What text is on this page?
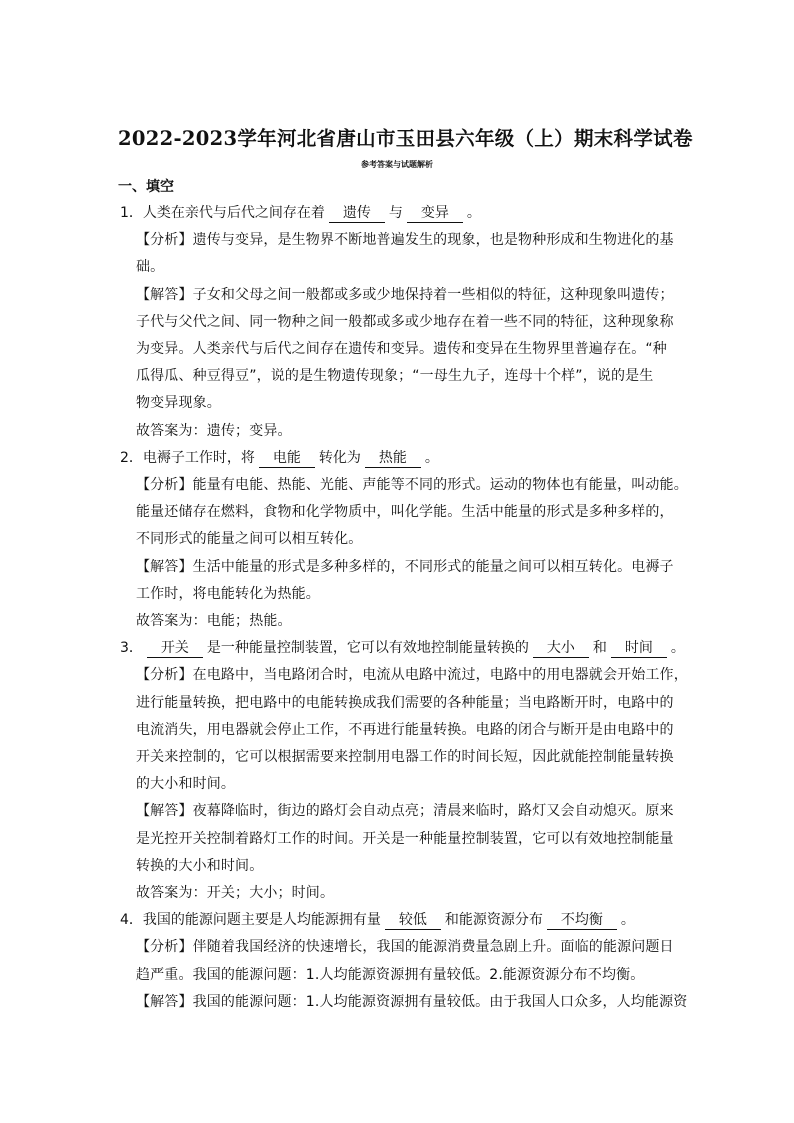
2022-2023学年河北省唐山市玉田县六年级（上）期末科学试卷
参考答案与试题解析
一、填空
1．人类在亲代与后代之间存在着 遗传 与 变异 。
【分析】遗传与变异，是生物界不断地普遍发生的现象，也是物种形成和生物进化的基
础。
【解答】子女和父母之间一般都或多或少地保持着一些相似的特征，这种现象叫遗传；
子代与父代之间、同一物种之间一般都或多或少地存在着一些不同的特征，这种现象称
为变异。人类亲代与后代之间存在遗传和变异。遗传和变异在生物界里普遍存在。“种
瓜得瓜、种豆得豆”，说的是生物遗传现象；“一母生九子，连母十个样”，说的是生
物变异现象。
故答案为：遗传；变异。
2．电褥子工作时，将 电能 转化为 热能 。
【分析】能量有电能、热能、光能、声能等不同的形式。运动的物体也有能量，叫动能。
能量还储存在燃料，食物和化学物质中，叫化学能。生活中能量的形式是多种多样的，
不同形式的能量之间可以相互转化。
【解答】生活中能量的形式是多种多样的，不同形式的能量之间可以相互转化。电褥子
工作时，将电能转化为热能。
故答案为：电能；热能。
3． 开关 是一种能量控制装置，它可以有效地控制能量转换的 大小 和 时间 。
【分析】在电路中，当电路闭合时，电流从电路中流过，电路中的用电器就会开始工作，
进行能量转换，把电路中的电能转换成我们需要的各种能量；当电路断开时，电路中的
电流消失，用电器就会停止工作，不再进行能量转换。电路的闭合与断开是由电路中的
开关来控制的，它可以根据需要来控制用电器工作的时间长短，因此就能控制能量转换
的大小和时间。
【解答】夜幕降临时，街边的路灯会自动点亮；清晨来临时，路灯又会自动熄灭。原来
是光控开关控制着路灯工作的时间。开关是一种能量控制装置，它可以有效地控制能量
转换的大小和时间。
故答案为：开关；大小；时间。
4．我国的能源问题主要是人均能源拥有量 较低 和能源资源分布 不均衡 。
【分析】伴随着我国经济的快速增长，我国的能源消费量急剧上升。面临的能源问题日
趋严重。我国的能源问题：1.人均能源资源拥有量较低。2.能源资源分布不均衡。
【解答】我国的能源问题：1.人均能源资源拥有量较低。由于我国人口众多，人均能源资
